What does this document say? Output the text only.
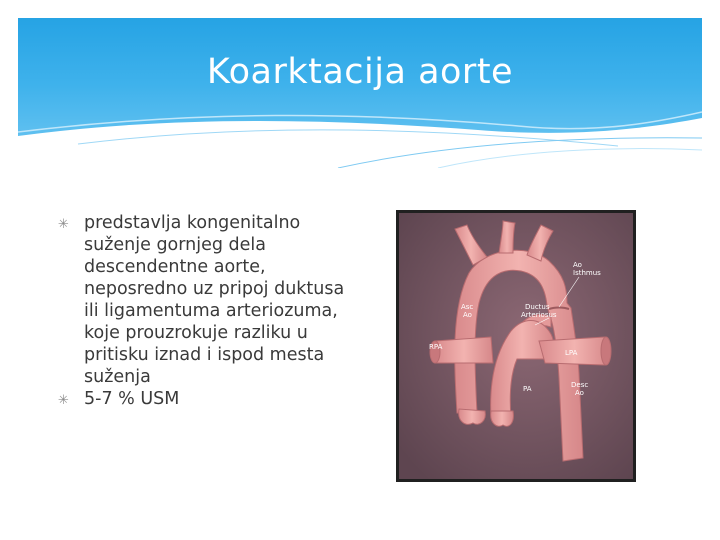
Koarktacija aorte
✳ predstavlja kongenitalno suženje gornjeg dela descendentne aorte, neposredno uz pripoj duktusa ili ligamentuma arteriozuma, koje prouzrokuje razliku u pritisku iznad i ispod mesta suženja
✳ 5-7 % USM
Ao
Isthmus
Asc
Ao
Ductus
Arteriosus
RPA
LPA
PA	Desc
Ao
